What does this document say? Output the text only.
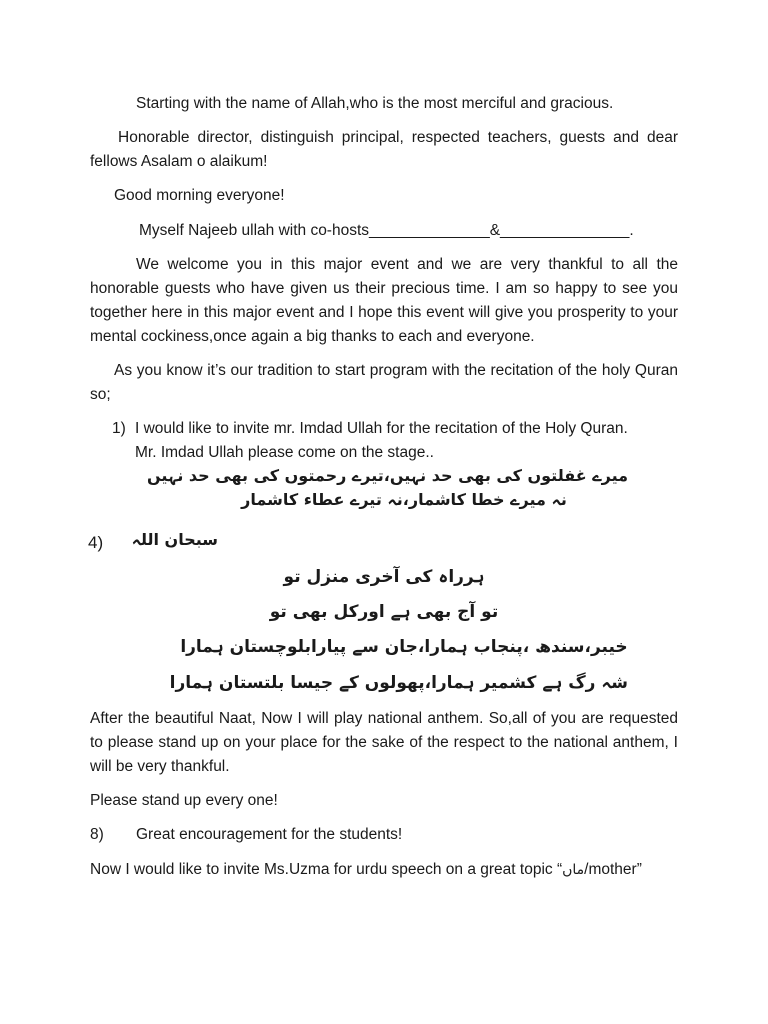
Starting with the name of Allah,who is the most merciful and gracious.
Honorable director, distinguish principal, respected teachers, guests and dear fellows Asalam o alaikum!
Good morning everyone!
Myself Najeeb ullah with co-hosts______________&_______________.
We welcome you in this major event and we are very thankful to all the honorable guests who have given us their precious time. I am so happy to see you together here in this major event and I hope this event will give you prosperity to your mental cockiness,once again a big thanks to each and everyone.
As you know it’s our tradition to start program with the recitation of the holy Quran so;
1) I would like to invite mr. Imdad Ullah for the recitation of the Holy Quran.
Mr. Imdad Ullah please come on the stage..
میرے غفلتوں کی بھی حد نہیں،تیرے رحمتوں کی بھی حد نہیں
نہ میرے خطا کاشمار،نہ تیرے عطاء کاشمار
4) سبحان اللہ
ہرراہ کی آخری منزل تو
تو آج بھی ہے اورکل بھی تو
خیبر،سندھ ،پنجاب ہمارا،جان سے پیارابلوچستان ہمارا
شہ رگ ہے کشمیر ہمارا،پھولوں کے جیسا بلتستان ہمارا
After the beautiful Naat, Now I will play national anthem. So,all of you are requested to please stand up on your place for the sake of the respect to the national anthem, I will be very thankful.
Please stand up every one!
8) Great encouragement for the students!
Now I would like to invite Ms.Uzma for urdu speech on a great topic “ماں/mother”
